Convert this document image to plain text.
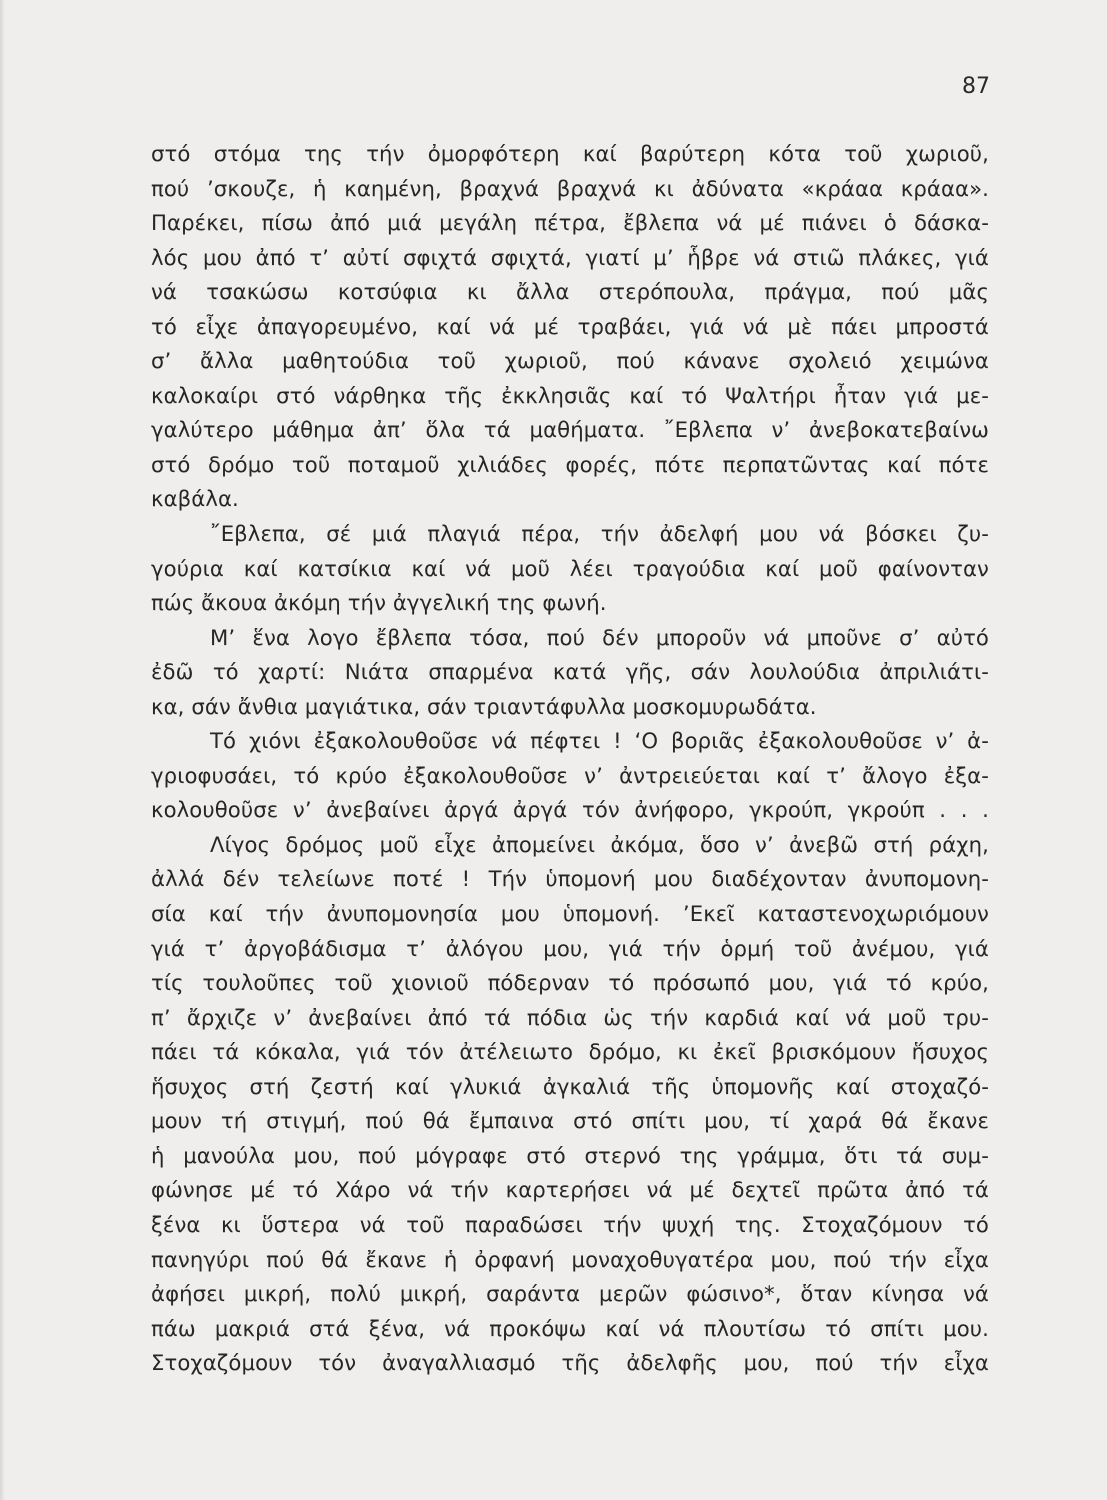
87
στό στόμα της τήν ὀμορφότερη καί βαρύτερη κότα τοῦ χωριοῦ,
πού ’σκουζε, ἡ καημένη, βραχνά βραχνά κι ἀδύνατα «κράαα κράαα».
Παρέκει, πίσω ἀπό μιά μεγάλη πέτρα, ἔβλεπα νά μέ πιάνει ὁ δάσκα-
λός μου ἀπό τ’ αὐτί σφιχτά σφιχτά, γιατί μ’ ἧβρε νά στιῶ πλάκες, γιά
νά τσακώσω κοτσύφια κι ἄλλα στερόπουλα, πράγμα, πού μᾶς
τό εἶχε ἀπαγορευμένο, καί νά μέ τραβάει, γιά νά μὲ πάει μπροστά
σ’ ἄλλα μαθητούδια τοῦ χωριοῦ, πού κάνανε σχολειό χειμώνα
καλοκαίρι στό νάρθηκα τῆς ἐκκλησιᾶς καί τό Ψαλτήρι ἦταν γιά με-
γαλύτερο μάθημα ἀπ’ ὅλα τά μαθήματα. ῎Εβλεπα ν’ ἀνεβοκατεβαίνω
στό δρόμο τοῦ ποταμοῦ χιλιάδες φορές, πότε περπατῶντας καί πότε
καβάλα.
῎Εβλεπα, σέ μιά πλαγιά πέρα, τήν ἀδελφή μου νά βόσκει ζυ-
γούρια καί κατσίκια καί νά μοῦ λέει τραγούδια καί μοῦ φαίνονταν
πώς ἄκουα ἀκόμη τήν ἀγγελική της φωνή.
Μ’ ἕνα λογο ἔβλεπα τόσα, πού δέν μποροῦν νά μποῦνε σ’ αὐτό
ἐδῶ τό χαρτί: Νιάτα σπαρμένα κατά γῆς, σάν λουλούδια ἀπριλιάτι-
κα, σάν ἄνθια μαγιάτικα, σάν τριαντάφυλλα μοσκομυρωδάτα.
Τό χιόνι ἐξακολουθοῦσε νά πέφτει ! ‘Ο βοριᾶς ἐξακολουθοῦσε ν’ ἀ-
γριοφυσάει, τό κρύο ἐξακολουθοῦσε ν’ ἀντρειεύεται καί τ’ ἄλογο ἐξα-
κολουθοῦσε ν’ ἀνεβαίνει ἀργά ἀργά τόν ἀνήφορο, γκρούπ, γκρούπ . . .
Λίγος δρόμος μοῦ εἶχε ἀπομείνει ἀκόμα, ὅσο ν’ ἀνεβῶ στή ράχη,
ἀλλά δέν τελείωνε ποτέ ! Τήν ὑπομονή μου διαδέχονταν ἀνυπομονη-
σία καί τήν ἀνυπομονησία μου ὑπομονή. ’Εκεῖ καταστενοχωριόμουν
γιά τ’ ἀργοβάδισμα τ’ ἀλόγου μου, γιά τήν ὁρμή τοῦ ἀνέμου, γιά
τίς τουλοῦπες τοῦ χιονιοῦ πόδερναν τό πρόσωπό μου, γιά τό κρύο,
π’ ἄρχιζε ν’ ἀνεβαίνει ἀπό τά πόδια ὡς τήν καρδιά καί νά μοῦ τρυ-
πάει τά κόκαλα, γιά τόν ἀτέλειωτο δρόμο, κι ἐκεῖ βρισκόμουν ἥσυχος
ἥσυχος στή ζεστή καί γλυκιά ἀγκαλιά τῆς ὑπομονῆς καί στοχαζό-
μουν τή στιγμή, πού θά ἔμπαινα στό σπίτι μου, τί χαρά θά ἔκανε
ἡ μανούλα μου, πού μόγραφε στό στερνό της γράμμα, ὅτι τά συμ-
φώνησε μέ τό Χάρο νά τήν καρτερήσει νά μέ δεχτεῖ πρῶτα ἀπό τά
ξένα κι ὕστερα νά τοῦ παραδώσει τήν ψυχή της. Στοχαζόμουν τό
πανηγύρι πού θά ἔκανε ἡ ὀρφανή μοναχοθυγατέρα μου, πού τήν εἶχα
ἀφήσει μικρή, πολύ μικρή, σαράντα μερῶν φώσινο*, ὅταν κίνησα νά
πάω μακριά στά ξένα, νά προκόψω καί νά πλουτίσω τό σπίτι μου.
Στοχαζόμουν τόν ἀναγαλλιασμό τῆς ἀδελφῆς μου, πού τήν εἶχα
